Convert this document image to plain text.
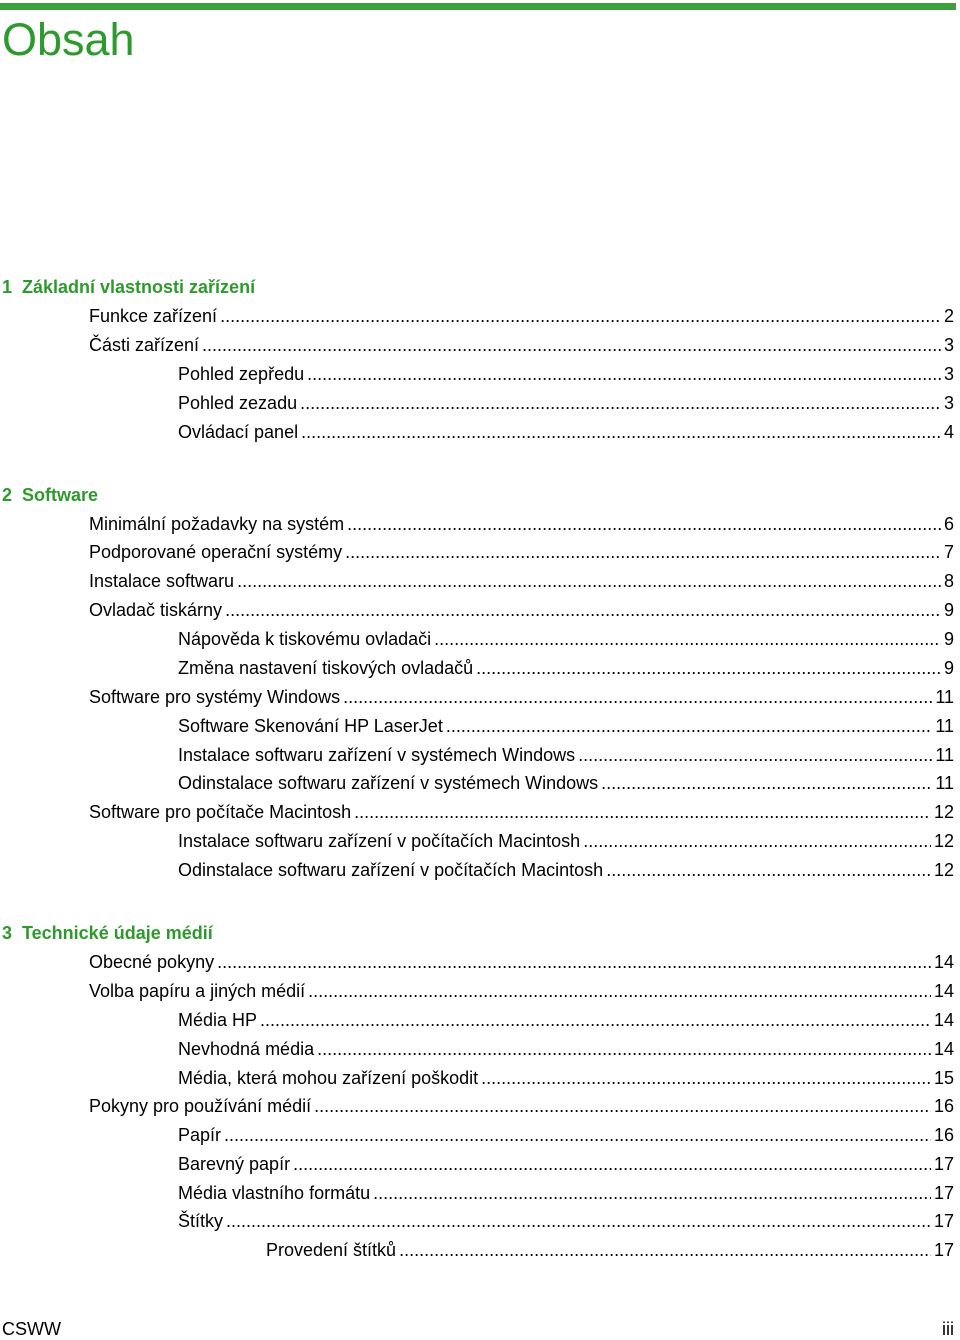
Obsah
1 Základní vlastnosti zařízení
Funkce zařízení .....	2
Části zařízení .....	3
Pohled zepředu .....	3
Pohled zezadu .....	3
Ovládací panel .....	4
2 Software
Minimální požadavky na systém .....	6
Podporované operační systémy .....	7
Instalace softwaru .....	8
Ovladač tiskárny .....	9
Nápověda k tiskovému ovladači .....	9
Změna nastavení tiskových ovladačů .....	9
Software pro systémy Windows .....	11
Software Skenování HP LaserJet .....	11
Instalace softwaru zařízení v systémech Windows .....	11
Odinstalace softwaru zařízení v systémech Windows .....	11
Software pro počítače Macintosh .....	12
Instalace softwaru zařízení v počítačích Macintosh .....	12
Odinstalace softwaru zařízení v počítačích Macintosh .....	12
3 Technické údaje médií
Obecné pokyny .....	14
Volba papíru a jiných médií .....	14
Média HP .....	14
Nevhodná média .....	14
Média, která mohou zařízení poškodit .....	15
Pokyny pro používání médií .....	16
Papír .....	16
Barevný papír .....	17
Média vlastního formátu .....	17
Štítky .....	17
Provedení štítků .....	17
CSWW	iii
